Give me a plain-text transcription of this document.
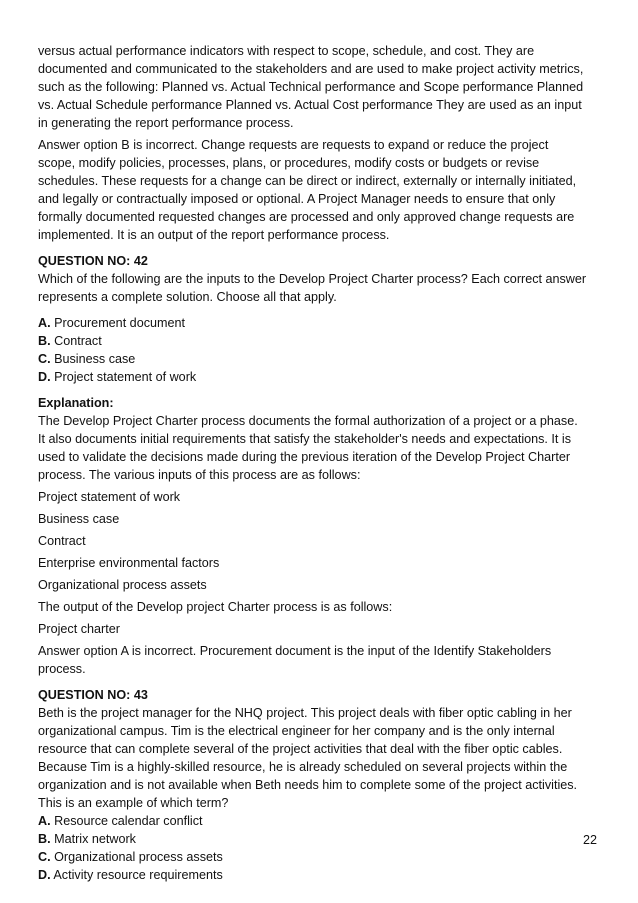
versus actual performance indicators with respect to scope, schedule, and cost. They are

documented and communicated to the stakeholders and are used to make project activity metrics,

such as the following: Planned vs. Actual Technical performance and Scope performance Planned

vs. Actual Schedule performance Planned vs. Actual Cost performance They are used as an input

in generating the report performance process.

Answer option B is incorrect. Change requests are requests to expand or reduce the project

scope, modify policies, processes, plans, or procedures, modify costs or budgets or revise

schedules. These requests for a change can be direct or indirect, externally or internally initiated,

and legally or contractually imposed or optional. A Project Manager needs to ensure that only

formally documented requested changes are processed and only approved change requests are

implemented. It is an output of the report performance process.

QUESTION NO: 42

Which of the following are the inputs to the Develop Project Charter process? Each correct answer

represents a complete solution. Choose all that apply.

A. Procurement document

B. Contract

C. Business case

D. Project statement of work

Explanation:

The Develop Project Charter process documents the formal authorization of a project or a phase.

It also documents initial requirements that satisfy the stakeholder's needs and expectations. It is

used to validate the decisions made during the previous iteration of the Develop Project Charter

process. The various inputs of this process are as follows:

Project statement of work

Business case

Contract

Enterprise environmental factors

Organizational process assets

The output of the Develop project Charter process is as follows:

Project charter

Answer option A is incorrect. Procurement document is the input of the Identify Stakeholders

process.

QUESTION NO: 43

Beth is the project manager for the NHQ project. This project deals with fiber optic cabling in her

organizational campus. Tim is the electrical engineer for her company and is the only internal

resource that can complete several of the project activities that deal with the fiber optic cables.

Because Tim is a highly-skilled resource, he is already scheduled on several projects within the

organization and is not available when Beth needs him to complete some of the project activities.

This is an example of which term?

A. Resource calendar conflict

B. Matrix network

C. Organizational process assets

D. Activity resource requirements

22
